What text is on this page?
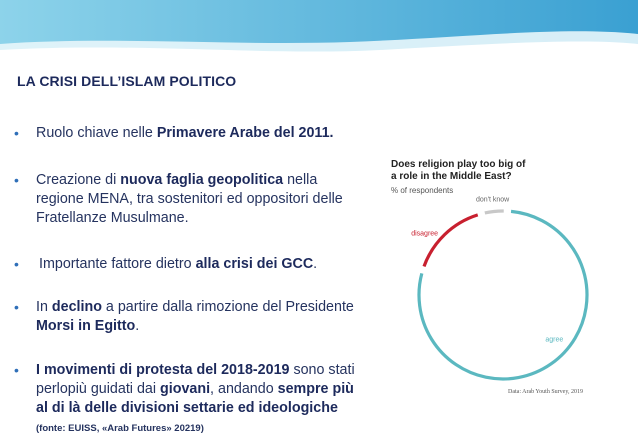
LA CRISI DELL’ISLAM POLITICO
• Ruolo chiave nelle Primavere Arabe del 2011.
• Creazione di nuova faglia geopolitica nella regione MENA, tra sostenitori ed oppositori delle Fratellanze Musulmane.
• Importante fattore dietro alla crisi dei GCC.
• In declino a partire dalla rimozione del Presidente Morsi in Egitto.
• I movimenti di protesta del 2018-2019 sono stati perlopiù guidati dai giovani, andando sempre più al di là delle divisioni settarie ed ideologiche (fonte: EUISS, «Arab Futures» 20219)
Does religion play too big of
a role in the Middle East?
% of respondents
don't know
agree
disagree
Data: Arab Youth Survey, 2019
